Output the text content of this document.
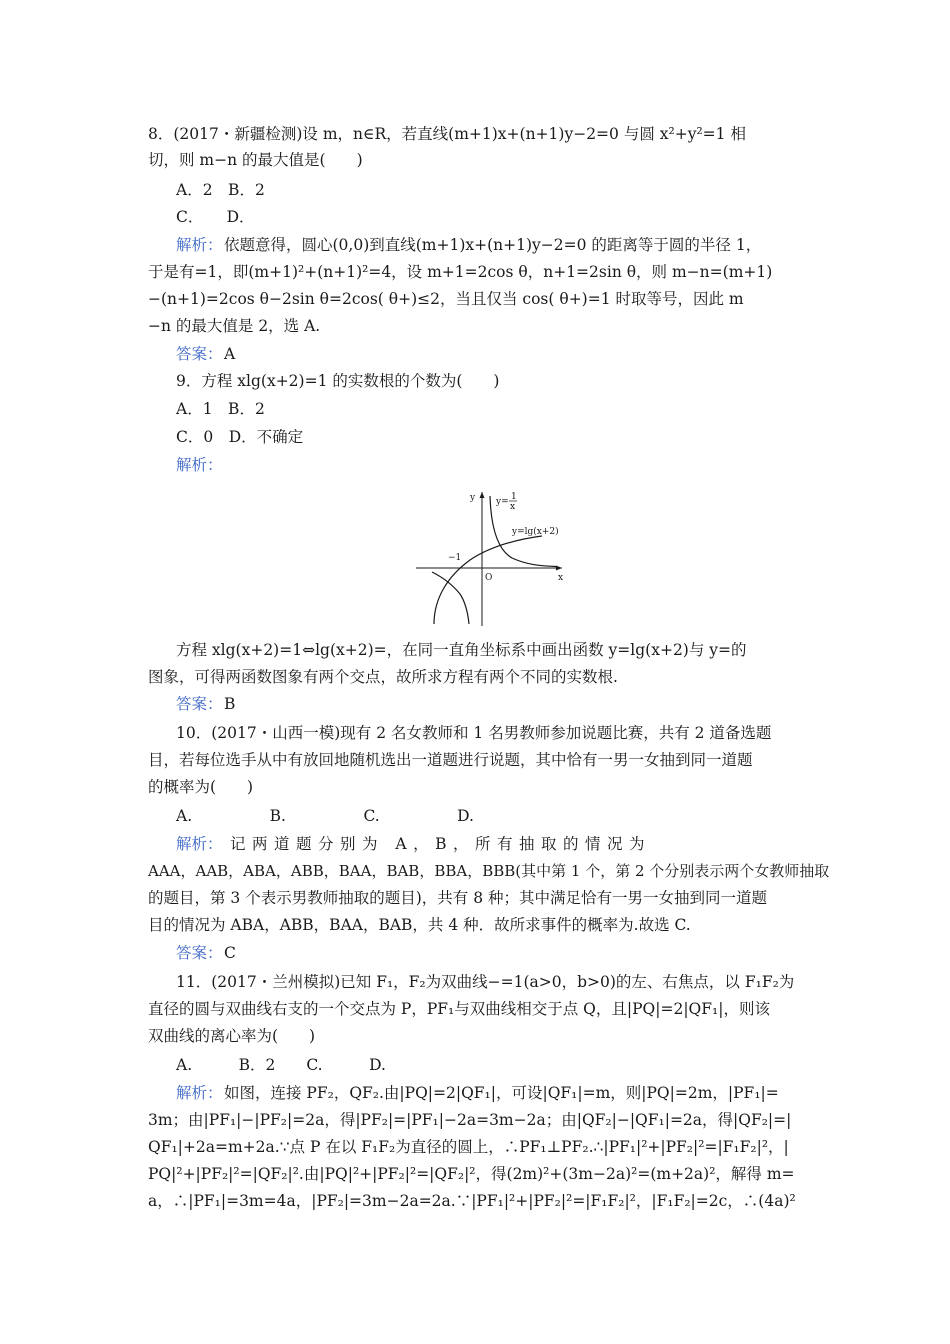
8．(2017・新疆检测)设 m，n∈R，若直线(m+1)x+(n+1)y−2=0 与圆 x²+y²=1 相
切，则 m−n 的最大值是(　　)
A．2　B．2
C．　　D．
解析： 依题意得，圆心(0,0)到直线(m+1)x+(n+1)y−2=0 的距离等于圆的半径 1，
于是有=1，即(m+1)²+(n+1)²=4，设 m+1=2cos θ，n+1=2sin θ，则 m−n=(m+1)
−(n+1)=2cos θ−2sin θ=2cos( θ+)≤2，当且仅当 cos( θ+)=1 时取等号，因此 m
−n 的最大值是 2，选 A.
答案： A
9．方程 xlg(x+2)=1 的实数根的个数为(　　)
A．1　B．2
C．0　D．不确定
解析：
y
x
O
−1
y= 1
x
y=lg(x+2)
方程 xlg(x+2)=1⇔lg(x+2)=，在同一直角坐标系中画出函数 y=lg(x+2)与 y=的
图象，可得两函数图象有两个交点，故所求方程有两个不同的实数根.
答案： B
10．(2017・山西一模)现有 2 名女教师和 1 名男教师参加说题比赛，共有 2 道备选题
目，若每位选手从中有放回地随机选出一道题进行说题，其中恰有一男一女抽到同一道题
的概率为(　　)
A.　　　　　B.　　　　　C.　　　　　D.
解析： 记两道题分别为 A，B，所有抽取的情况为
AAA，AAB，ABA，ABB，BAA，BAB，BBA，BBB(其中第 1 个，第 2 个分别表示两个女教师抽取
的题目，第 3 个表示男教师抽取的题目)，共有 8 种；其中满足恰有一男一女抽到同一道题
目的情况为 ABA，ABB，BAA，BAB，共 4 种．故所求事件的概率为.故选 C.
答案： C
11．(2017・兰州模拟)已知 F₁，F₂为双曲线−=1(a>0，b>0)的左、右焦点，以 F₁F₂为
直径的圆与双曲线右支的一个交点为 P，PF₁与双曲线相交于点 Q，且|PQ|=2|QF₁|，则该
双曲线的离心率为(　　)
A.　　　B．2　　C.　　　D.
解析： 如图，连接 PF₂，QF₂.由|PQ|=2|QF₁|，可设|QF₁|=m，则|PQ|=2m，|PF₁|=
3m；由|PF₁|−|PF₂|=2a，得|PF₂|=|PF₁|−2a=3m−2a；由|QF₂|−|QF₁|=2a，得|QF₂|=|
QF₁|+2a=m+2a.∵点 P 在以 F₁F₂为直径的圆上，∴PF₁⊥PF₂.∴|PF₁|²+|PF₂|²=|F₁F₂|²，|
PQ|²+|PF₂|²=|QF₂|².由|PQ|²+|PF₂|²=|QF₂|²，得(2m)²+(3m−2a)²=(m+2a)²，解得 m=
a，∴|PF₁|=3m=4a，|PF₂|=3m−2a=2a.∵|PF₁|²+|PF₂|²=|F₁F₂|²，|F₁F₂|=2c，∴(4a)²
